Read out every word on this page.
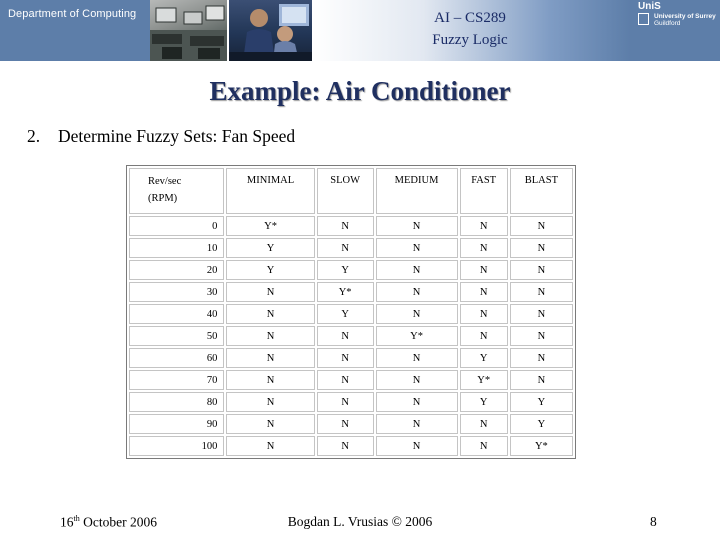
Department of Computing	AI – CS289
Fuzzy Logic
UniS
University of Surrey
Guildford
Example: Air Conditioner
2. Determine Fuzzy Sets: Fan Speed
Rev/sec
(RPM)	MINIMAL	SLOW	MEDIUM	FAST	BLAST
0	Y*	N	N	N	N
10	Y	N	N	N	N
20	Y	Y	N	N	N
30	N	Y*	N	N	N
40	N	Y	N	N	N
50	N	N	Y*	N	N
60	N	N	N	Y	N
70	N	N	N	Y*	N
80	N	N	N	Y	Y
90	N	N	N	N	Y
100	N	N	N	N	Y*
16th October 2006	Bogdan L. Vrusias © 2006	8
